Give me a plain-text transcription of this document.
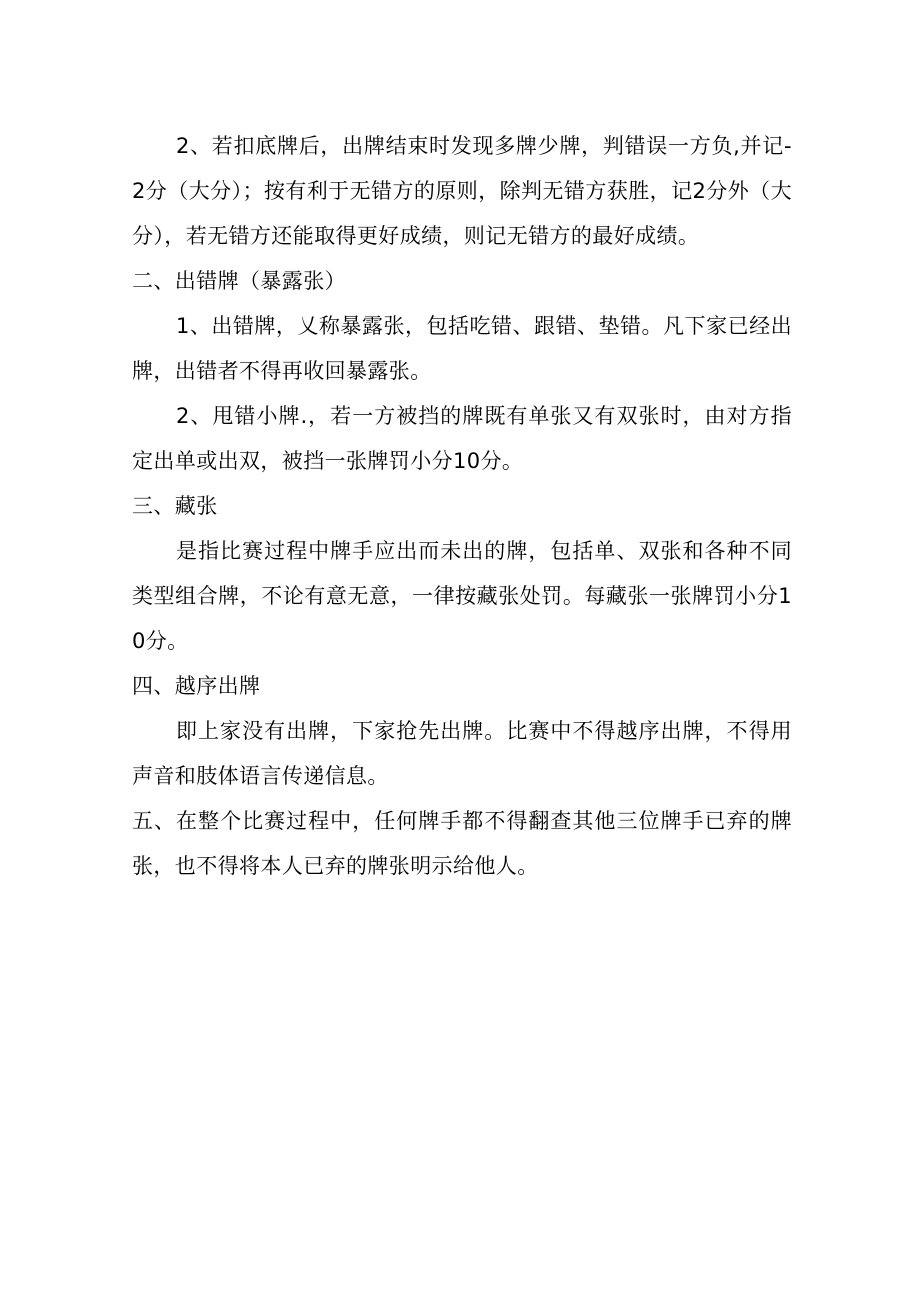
2、若扣底牌后，出牌结束时发现多牌少牌，判错误一方负,并记-2分（大分）；按有利于无错方的原则，除判无错方获胜，记2分外（大分），若无错方还能取得更好成绩，则记无错方的最好成绩。

二、出错牌（暴露张）

1、出错牌，乂称暴露张，包括吃错、跟错、垫错。凡下家已经出牌，出错者不得再收回暴露张。

2、甩错小牌.，若一方被挡的牌既有单张又有双张时，由对方指定出单或出双，被挡一张牌罚小分10分。

三、藏张

是指比赛过程中牌手应出而未出的牌，包括单、双张和各种不同类型组合牌，不论有意无意，一律按藏张处罚。每藏张一张牌罚小分10分。

四、越序出牌

即上家没有出牌，下家抢先出牌。比赛中不得越序出牌，不得用声音和肢体语言传递信息。

五、在整个比赛过程中，任何牌手都不得翻查其他三位牌手已弃的牌张，也不得将本人已弃的牌张明示给他人。
